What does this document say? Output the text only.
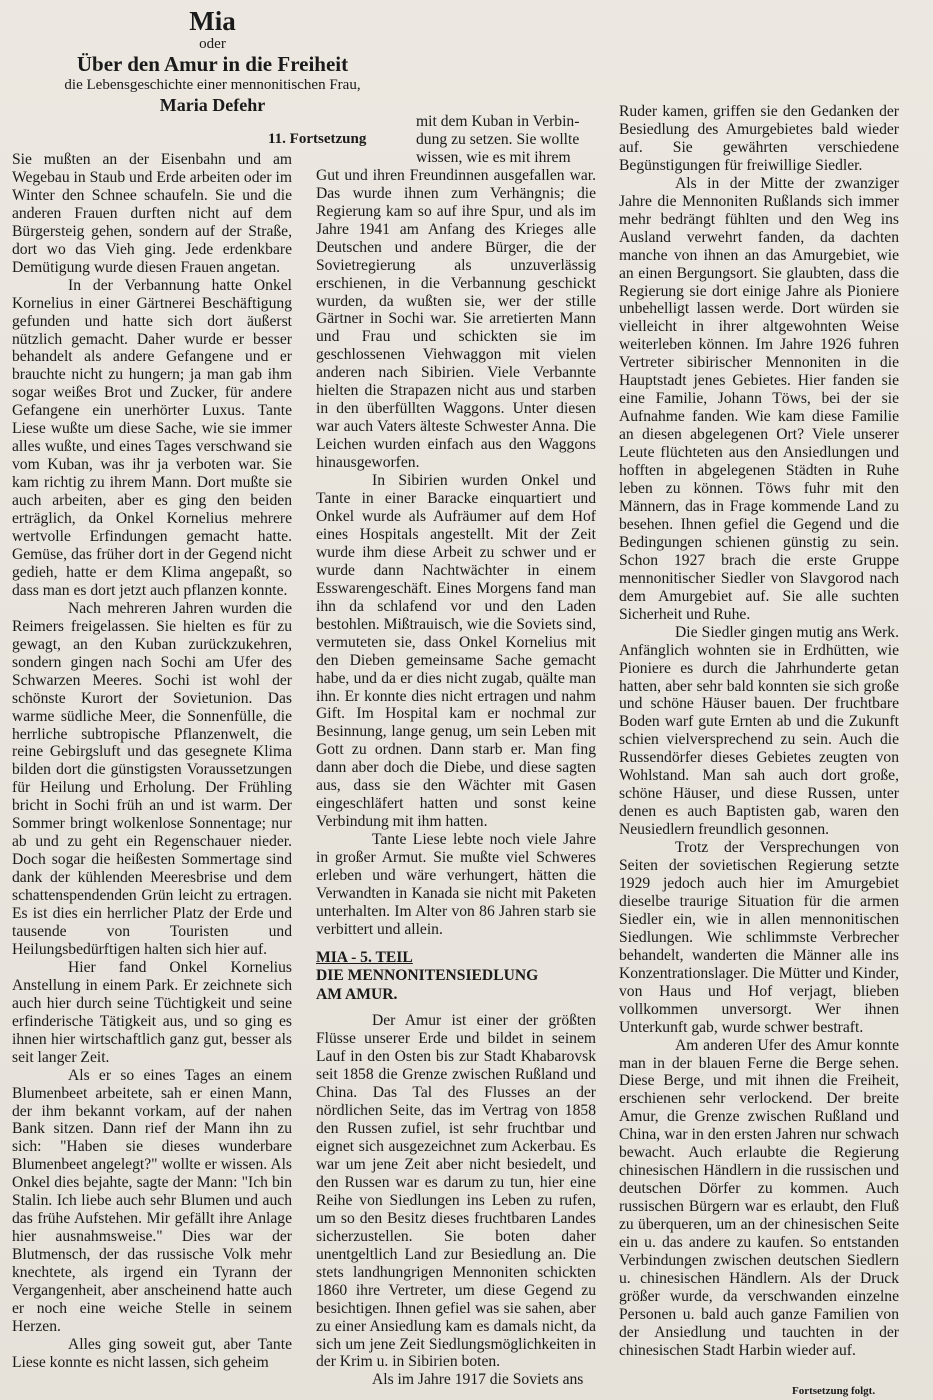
Mia
oder
Über den Amur in die Freiheit
die Lebensgeschichte einer mennonitischen Frau,
Maria Defehr
11. Fortsetzung

Sie mußten an der Eisenbahn und am Wegebau in Staub und Erde arbeiten oder im Winter den Schnee schaufeln. Sie und die anderen Frauen durften nicht auf dem Bürgersteig gehen, sondern auf der Straße, dort wo das Vieh ging. Jede erdenkbare Demütigung wurde diesen Frauen angetan.

In der Verbannung hatte Onkel Kornelius in einer Gärtnerei Beschäftigung gefunden und hatte sich dort äußerst nützlich gemacht. Daher wurde er besser behandelt als andere Gefangene und er brauchte nicht zu hungern; ja man gab ihm sogar weißes Brot und Zucker, für andere Gefangene ein unerhörter Luxus. Tante Liese wußte um diese Sache, wie sie immer alles wußte, und eines Tages verschwand sie vom Kuban, was ihr ja verboten war. Sie kam richtig zu ihrem Mann. Dort mußte sie auch arbeiten, aber es ging den beiden erträglich, da Onkel Kornelius mehrere wertvolle Erfindungen gemacht hatte. Gemüse, das früher dort in der Gegend nicht gedieh, hatte er dem Klima angepaßt, so dass man es dort jetzt auch pflanzen konnte.

Nach mehreren Jahren wurden die Reimers freigelassen. Sie hielten es für zu gewagt, an den Kuban zurückzukehren, sondern gingen nach Sochi am Ufer des Schwarzen Meeres. Sochi ist wohl der schönste Kurort der Sovietunion. Das warme südliche Meer, die Sonnenfülle, die herrliche subtropische Pflanzenwelt, die reine Gebirgsluft und das gesegnete Klima bilden dort die günstigsten Voraussetzungen für Heilung und Erholung. Der Frühling bricht in Sochi früh an und ist warm. Der Sommer bringt wolkenlose Sonnentage; nur ab und zu geht ein Regenschauer nieder. Doch sogar die heißesten Sommertage sind dank der kühlenden Meeresbrise und dem schattenspendenden Grün leicht zu ertragen. Es ist dies ein herrlicher Platz der Erde und tausende von Touristen und Heilungsbedürftigen halten sich hier auf.

Hier fand Onkel Kornelius Anstellung in einem Park. Er zeichnete sich auch hier durch seine Tüchtigkeit und seine erfinderische Tätigkeit aus, und so ging es ihnen hier wirtschaftlich ganz gut, besser als seit langer Zeit.

Als er so eines Tages an einem Blumenbeet arbeitete, sah er einen Mann, der ihm bekannt vorkam, auf der nahen Bank sitzen. Dann rief der Mann ihn zu sich: "Haben sie dieses wunderbare Blumenbeet angelegt?" wollte er wissen. Als Onkel dies bejahte, sagte der Mann: "Ich bin Stalin. Ich liebe auch sehr Blumen und auch das frühe Aufstehen. Mir gefällt ihre Anlage hier ausnahmsweise." Dies war der Blutmensch, der das russische Volk mehr knechtete, als irgend ein Tyrann der Vergangenheit, aber anscheinend hatte auch er noch eine weiche Stelle in seinem Herzen.

Alles ging soweit gut, aber Tante Liese konnte es nicht lassen, sich geheim

mit dem Kuban in Verbin-
dung zu setzen. Sie wollte
wissen, wie es mit ihrem

Gut und ihren Freundinnen ausgefallen war. Das wurde ihnen zum Verhängnis; die Regierung kam so auf ihre Spur, und als im Jahre 1941 am Anfang des Krieges alle Deutschen und andere Bürger, die der Sovietregierung als unzuverlässig erschienen, in die Verbannung geschickt wurden, da wußten sie, wer der stille Gärtner in Sochi war. Sie arretierten Mann und Frau und schickten sie im geschlossenen Viehwaggon mit vielen anderen nach Sibirien. Viele Verbannte hielten die Strapazen nicht aus und starben in den überfüllten Waggons. Unter diesen war auch Vaters älteste Schwester Anna. Die Leichen wurden einfach aus den Waggons hinausgeworfen.

In Sibirien wurden Onkel und Tante in einer Baracke einquartiert und Onkel wurde als Aufräumer auf dem Hof eines Hospitals angestellt. Mit der Zeit wurde ihm diese Arbeit zu schwer und er wurde dann Nachtwächter in einem Esswarengeschäft. Eines Morgens fand man ihn da schlafend vor und den Laden bestohlen. Mißtrauisch, wie die Soviets sind, vermuteten sie, dass Onkel Kornelius mit den Dieben gemeinsame Sache gemacht habe, und da er dies nicht zugab, quälte man ihn. Er konnte dies nicht ertragen und nahm Gift. Im Hospital kam er nochmal zur Besinnung, lange genug, um sein Leben mit Gott zu ordnen. Dann starb er. Man fing dann aber doch die Diebe, und diese sagten aus, dass sie den Wächter mit Gasen eingeschläfert hatten und sonst keine Verbindung mit ihm hatten.

Tante Liese lebte noch viele Jahre in großer Armut. Sie mußte viel Schweres erleben und wäre verhungert, hätten die Verwandten in Kanada sie nicht mit Paketen unterhalten. Im Alter von 86 Jahren starb sie verbittert und allein.

MIA - 5. TEIL
DIE MENNONITENSIEDLUNG
AM AMUR.

Der Amur ist einer der größten Flüsse unserer Erde und bildet in seinem Lauf in den Osten bis zur Stadt Khabarovsk seit 1858 die Grenze zwischen Rußland und China. Das Tal des Flusses an der nördlichen Seite, das im Vertrag von 1858 den Russen zufiel, ist sehr fruchtbar und eignet sich ausgezeichnet zum Ackerbau. Es war um jene Zeit aber nicht besiedelt, und den Russen war es darum zu tun, hier eine Reihe von Siedlungen ins Leben zu rufen, um so den Besitz dieses fruchtbaren Landes sicherzustellen. Sie boten daher unentgeltlich Land zur Besiedlung an. Die stets landhungrigen Mennoniten schickten 1860 ihre Vertreter, um diese Gegend zu besichtigen. Ihnen gefiel was sie sahen, aber zu einer Ansiedlung kam es damals nicht, da sich um jene Zeit Siedlungsmöglichkeiten in der Krim u. in Sibirien boten.

Als im Jahre 1917 die Soviets ans

Ruder kamen, griffen sie den Gedanken der Besiedlung des Amurgebietes bald wieder auf. Sie gewährten verschiedene Begünstigungen für freiwillige Siedler.

Als in der Mitte der zwanziger Jahre die Mennoniten Rußlands sich immer mehr bedrängt fühlten und den Weg ins Ausland verwehrt fanden, da dachten manche von ihnen an das Amurgebiet, wie an einen Bergungsort. Sie glaubten, dass die Regierung sie dort einige Jahre als Pioniere unbehelligt lassen werde. Dort würden sie vielleicht in ihrer altgewohnten Weise weiterleben können. Im Jahre 1926 fuhren Vertreter sibirischer Mennoniten in die Hauptstadt jenes Gebietes. Hier fanden sie eine Familie, Johann Töws, bei der sie Aufnahme fanden. Wie kam diese Familie an diesen abgelegenen Ort? Viele unserer Leute flüchteten aus den Ansiedlungen und hofften in abgelegenen Städten in Ruhe leben zu können. Töws fuhr mit den Männern, das in Frage kommende Land zu besehen. Ihnen gefiel die Gegend und die Bedingungen schienen günstig zu sein. Schon 1927 brach die erste Gruppe mennonitischer Siedler von Slavgorod nach dem Amurgebiet auf. Sie alle suchten Sicherheit und Ruhe.

Die Siedler gingen mutig ans Werk. Anfänglich wohnten sie in Erdhütten, wie Pioniere es durch die Jahrhunderte getan hatten, aber sehr bald konnten sie sich große und schöne Häuser bauen. Der fruchtbare Boden warf gute Ernten ab und die Zukunft schien vielversprechend zu sein. Auch die Russendörfer dieses Gebietes zeugten von Wohlstand. Man sah auch dort große, schöne Häuser, und diese Russen, unter denen es auch Baptisten gab, waren den Neusiedlern freundlich gesonnen.

Trotz der Versprechungen von Seiten der sovietischen Regierung setzte 1929 jedoch auch hier im Amurgebiet dieselbe traurige Situation für die armen Siedler ein, wie in allen mennonitischen Siedlungen. Wie schlimmste Verbrecher behandelt, wanderten die Männer alle ins Konzentrationslager. Die Mütter und Kinder, von Haus und Hof verjagt, blieben vollkommen unversorgt. Wer ihnen Unterkunft gab, wurde schwer bestraft.

Am anderen Ufer des Amur konnte man in der blauen Ferne die Berge sehen. Diese Berge, und mit ihnen die Freiheit, erschienen sehr verlockend. Der breite Amur, die Grenze zwischen Rußland und China, war in den ersten Jahren nur schwach bewacht. Auch erlaubte die Regierung chinesischen Händlern in die russischen und deutschen Dörfer zu kommen. Auch russischen Bürgern war es erlaubt, den Fluß zu überqueren, um an der chinesischen Seite ein u. das andere zu kaufen. So entstanden Verbindungen zwischen deutschen Siedlern u. chinesischen Händlern. Als der Druck größer wurde, da verschwanden einzelne Personen u. bald auch ganze Familien von der Ansiedlung und tauchten in der chinesischen Stadt Harbin wieder auf.

Fortsetzung folgt.
